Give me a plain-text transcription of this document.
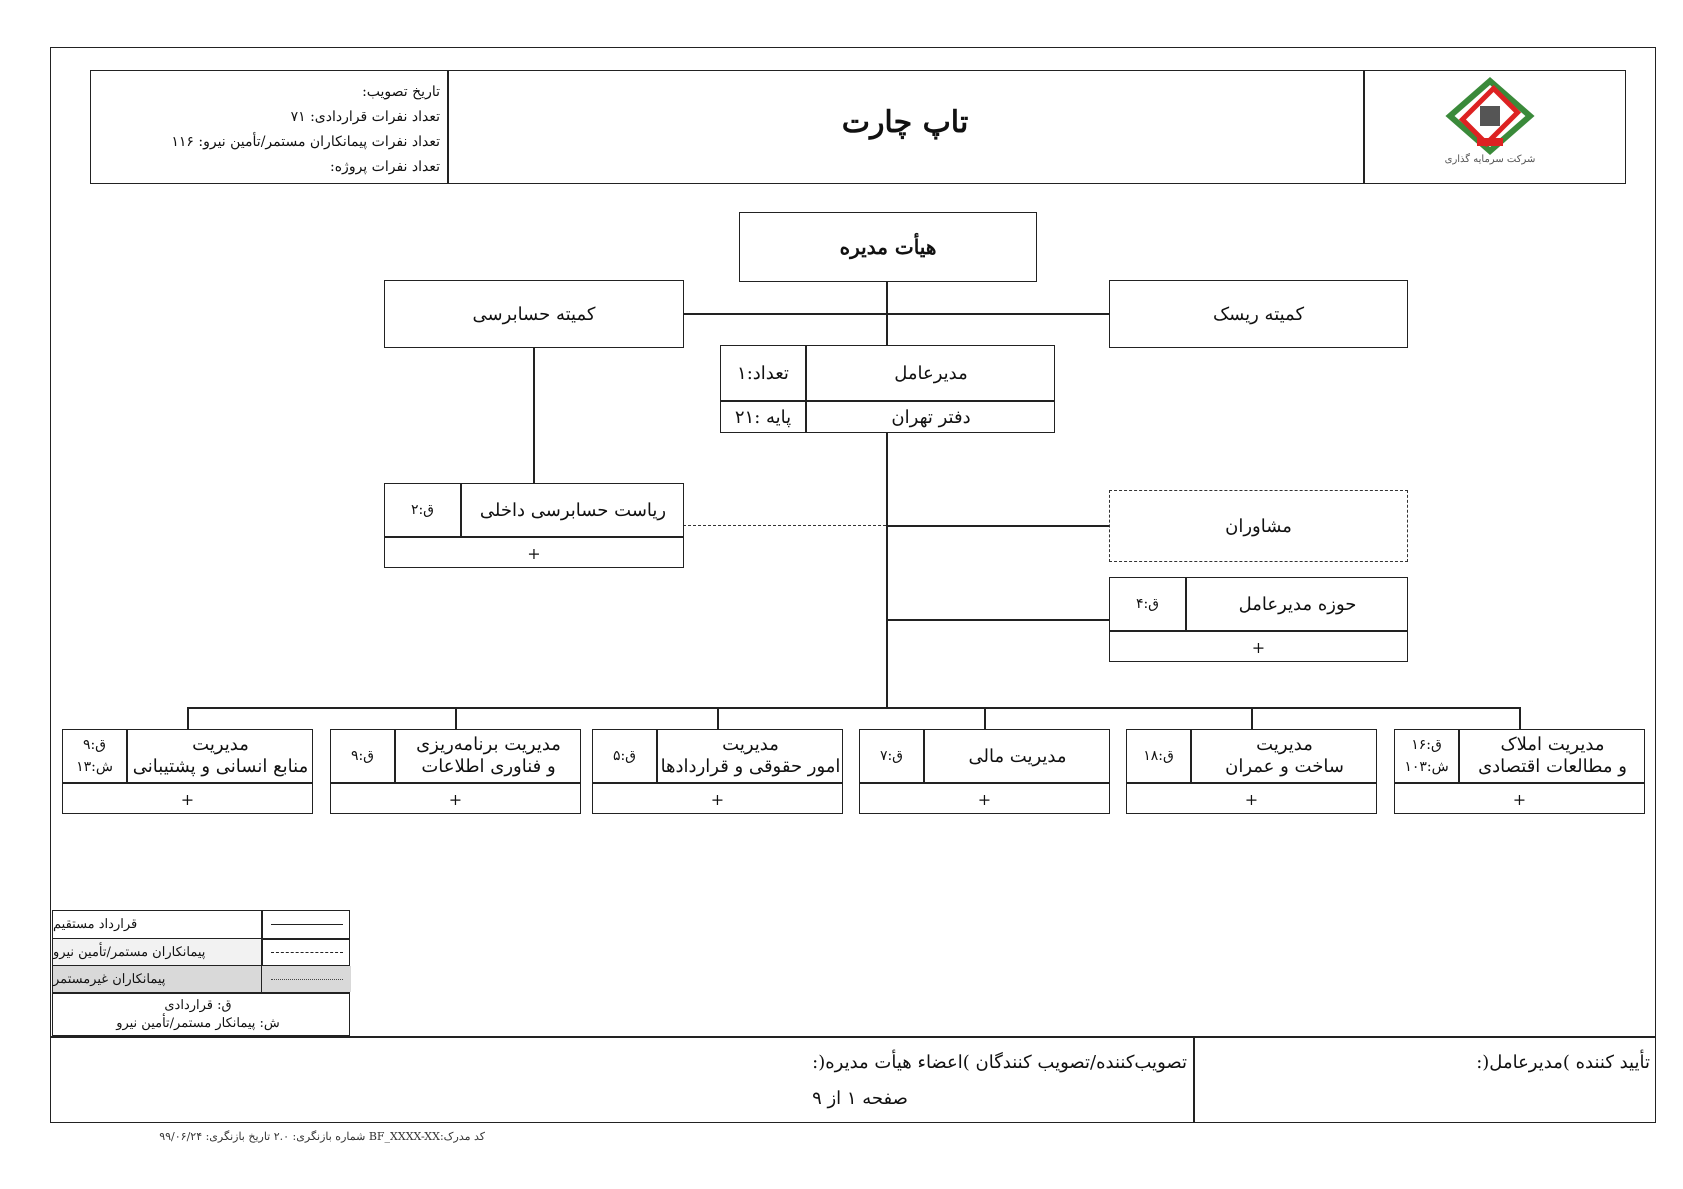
تاریخ تصویب:
تعداد نفرات قراردادی: ۷۱
تعداد نفرات پیمانکاران مستمر/تأمین نیرو: ۱۱۶
تعداد نفرات پروژه:
تاپ چارت
شرکت سرمایه گذاری
هیأت مدیره
کمیته حسابرسی	کمیته ریسک
مدیرعامل
تعداد:۱
دفتر تهران
پایه :۲۱
ریاست حسابرسی داخلی
ق:۲
+
مشاوران
حوزه مدیرعامل
ق:۴
+
مدیریت املاک
و مطالعات اقتصادی
ق:۱۶
ش:۱۰۳
+
مدیریت
ساخت و عمران
ق:۱۸
+
مدیریت مالی
ق:۷
+
مدیریت
امور حقوقی و قراردادها
ق:۵
+
مدیریت برنامه‌ریزی
و فناوری اطلاعات
ق:۹
+
مدیریت
منابع انسانی و پشتیبانی
ق:۹
ش:۱۳
+
قرارداد مستقیم
پیمانکاران مستمر/تأمین نیرو
پیمانکاران غیرمستمر
ق: قراردادی
ش: پیمانکار مستمر/تأمین نیرو
تصویب‌کننده/تصویب کنندگان )اعضاء هیأت مدیره(:	تأیید کننده )مدیرعامل(:
صفحه ۱ از ۹
کد مدرک:BF_XXXX-XX شماره بازنگری: ۲.۰ تاریخ بازنگری: ۹۹/۰۶/۲۴
